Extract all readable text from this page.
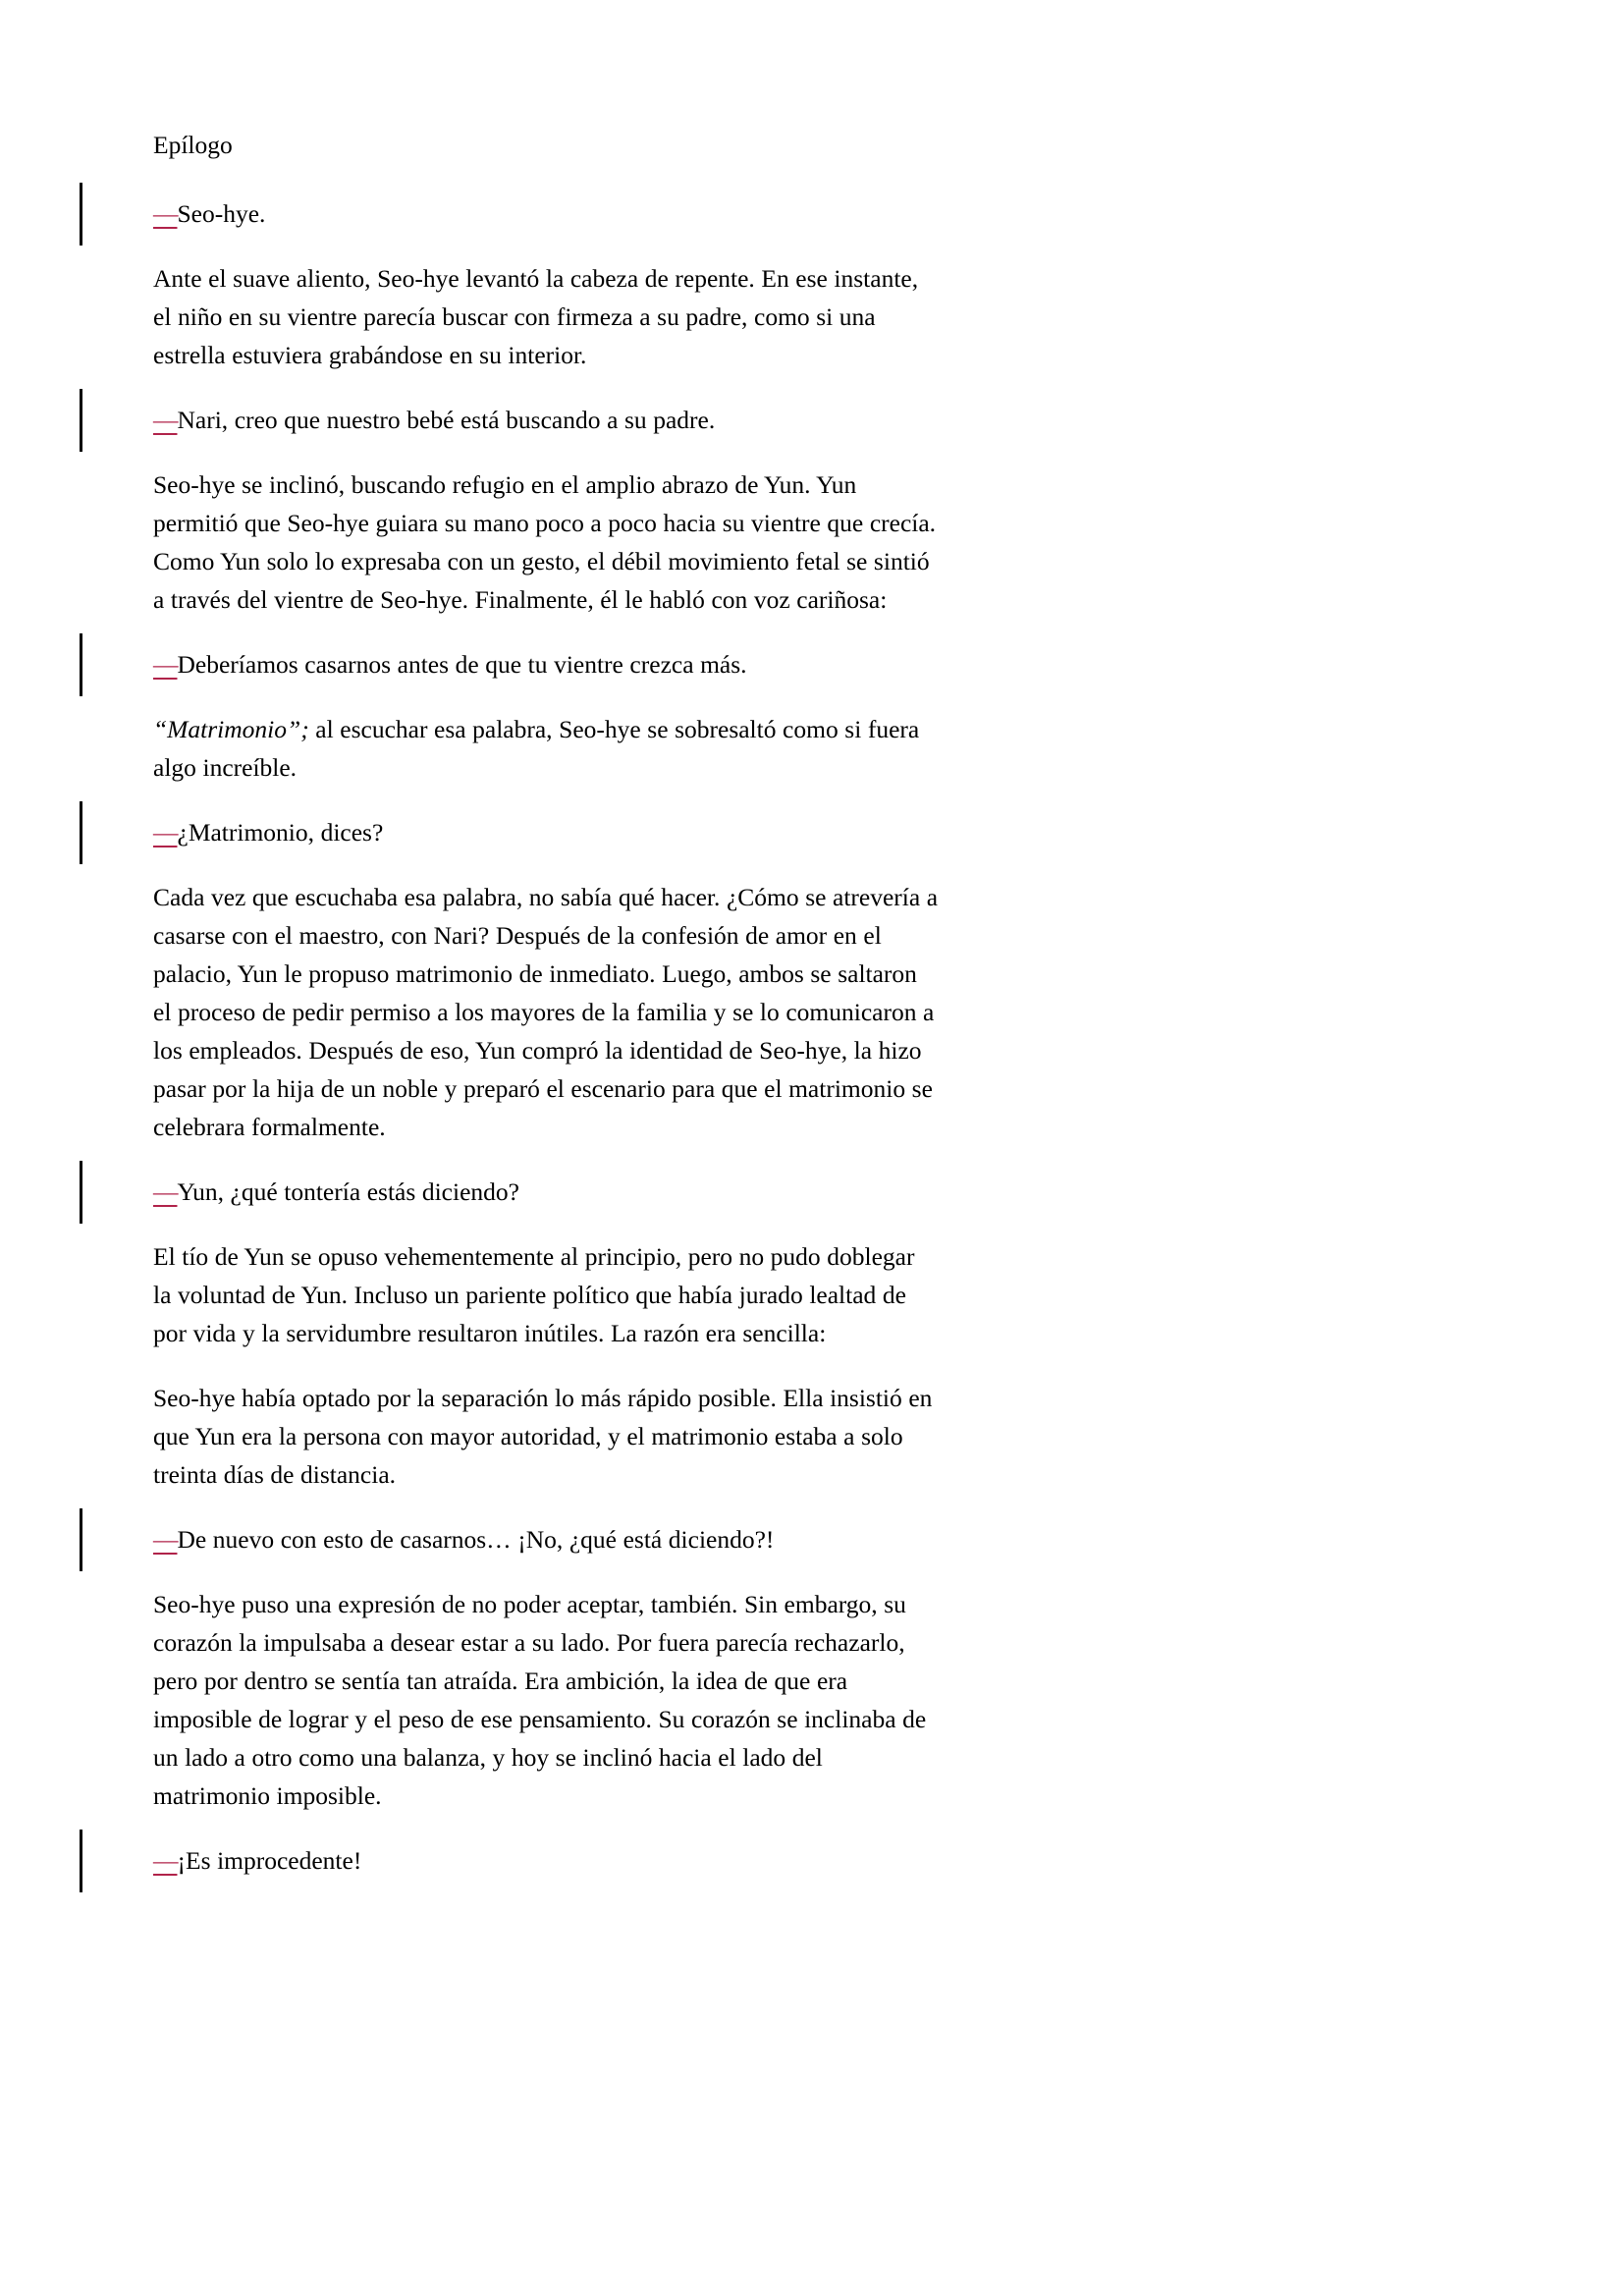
Epílogo
—Seo-hye.
Ante el suave aliento, Seo-hye levantó la cabeza de repente. En ese instante, el niño en su vientre parecía buscar con firmeza a su padre, como si una estrella estuviera grabándose en su interior.
—Nari, creo que nuestro bebé está buscando a su padre.
Seo-hye se inclinó, buscando refugio en el amplio abrazo de Yun. Yun permitió que Seo-hye guiara su mano poco a poco hacia su vientre que crecía. Como Yun solo lo expresaba con un gesto, el débil movimiento fetal se sintió a través del vientre de Seo-hye. Finalmente, él le habló con voz cariñosa:
—Deberíamos casarnos antes de que tu vientre crezca más.
“Matrimonio”; al escuchar esa palabra, Seo-hye se sobresaltó como si fuera algo increíble.
—¿Matrimonio, dices?
Cada vez que escuchaba esa palabra, no sabía qué hacer. ¿Cómo se atrevería a casarse con el maestro, con Nari? Después de la confesión de amor en el palacio, Yun le propuso matrimonio de inmediato. Luego, ambos se saltaron el proceso de pedir permiso a los mayores de la familia y se lo comunicaron a los empleados. Después de eso, Yun compró la identidad de Seo-hye, la hizo pasar por la hija de un noble y preparó el escenario para que el matrimonio se celebrara formalmente.
—Yun, ¿qué tontería estás diciendo?
El tío de Yun se opuso vehementemente al principio, pero no pudo doblegar la voluntad de Yun. Incluso un pariente político que había jurado lealtad de por vida y la servidumbre resultaron inútiles. La razón era sencilla:
Seo-hye había optado por la separación lo más rápido posible. Ella insistió en que Yun era la persona con mayor autoridad, y el matrimonio estaba a solo treinta días de distancia.
—De nuevo con esto de casarnos… ¡No, ¿qué está diciendo?!
Seo-hye puso una expresión de no poder aceptar, también. Sin embargo, su corazón la impulsaba a desear estar a su lado. Por fuera parecía rechazarlo, pero por dentro se sentía tan atraída. Era ambición, la idea de que era imposible de lograr y el peso de ese pensamiento. Su corazón se inclinaba de un lado a otro como una balanza, y hoy se inclinó hacia el lado del matrimonio imposible.
—¡Es improcedente!
